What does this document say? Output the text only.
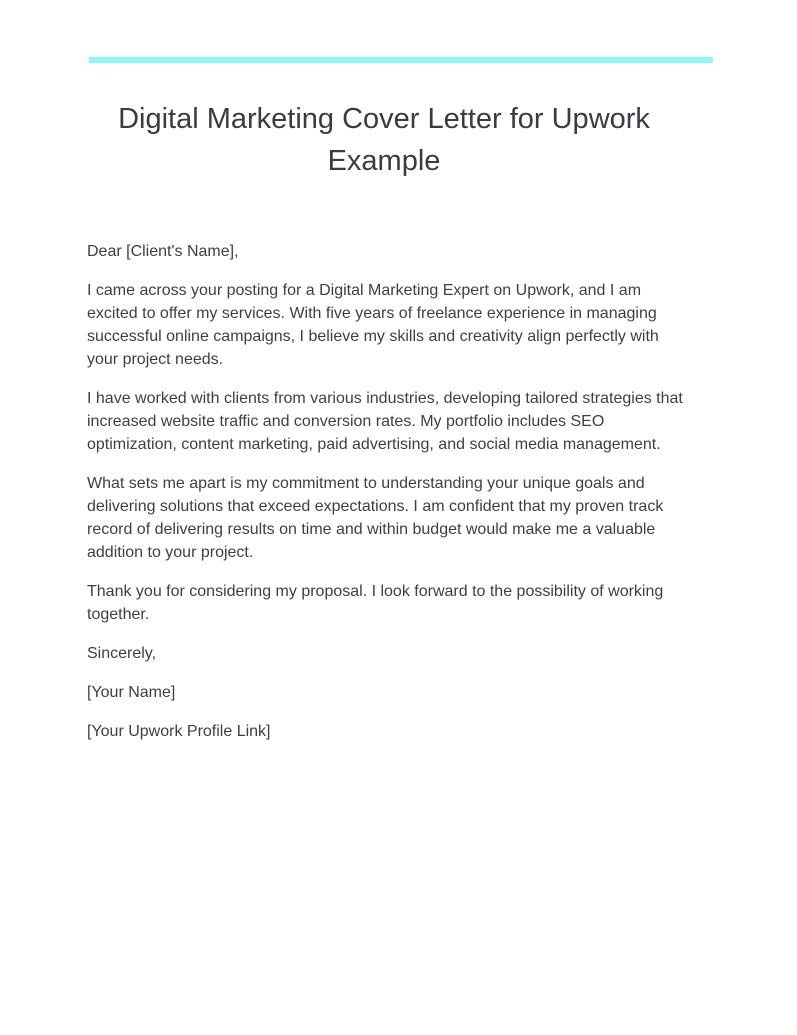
Digital Marketing Cover Letter for Upwork Example

Dear [Client's Name],

I came across your posting for a Digital Marketing Expert on Upwork, and I am excited to offer my services. With five years of freelance experience in managing successful online campaigns, I believe my skills and creativity align perfectly with your project needs.

I have worked with clients from various industries, developing tailored strategies that increased website traffic and conversion rates. My portfolio includes SEO optimization, content marketing, paid advertising, and social media management.

What sets me apart is my commitment to understanding your unique goals and delivering solutions that exceed expectations. I am confident that my proven track record of delivering results on time and within budget would make me a valuable addition to your project.

Thank you for considering my proposal. I look forward to the possibility of working together.

Sincerely,

[Your Name]

[Your Upwork Profile Link]
